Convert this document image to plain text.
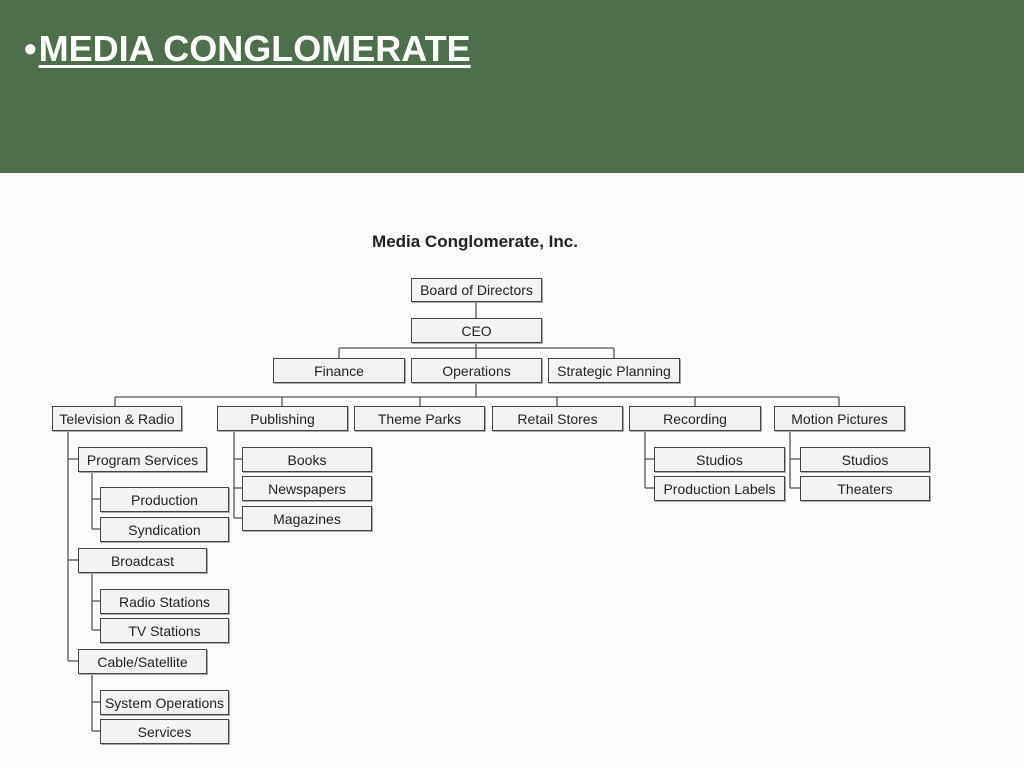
•MEDIA CONGLOMERATE
Media Conglomerate, Inc.
Board of Directors
CEO
Finance	Operations	Strategic Planning
Television & Radio	Publishing	Theme Parks	Retail Stores	Recording	Motion Pictures
Program Services
Production
Syndication
Broadcast
Radio Stations
TV Stations
Cable/Satellite
System Operations
Services
Books
Newspapers
Magazines
Studios
Production Labels
Studios
Theaters
